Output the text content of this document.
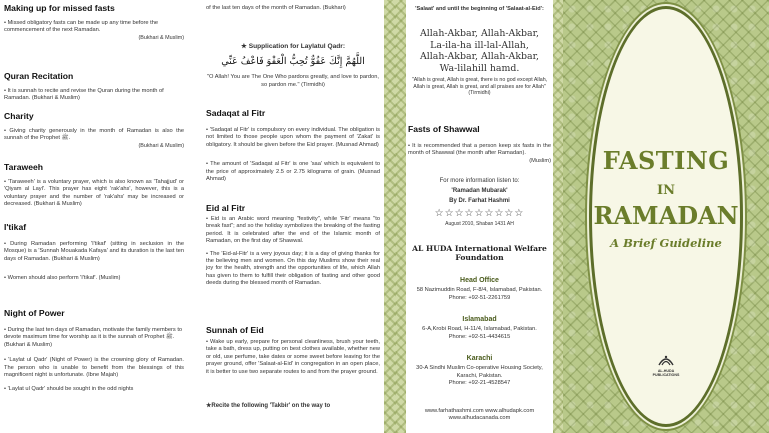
Making up for missed fasts

• Missed obligatory fasts can be made up any time before the commencement of the next Ramadan.

(Bukhari & Muslim)

Quran Recitation

• It is sunnah to recite and revise the Quran during the month of Ramadan. (Bukhari & Muslim)

Charity

• Giving charity generously in the month of Ramadan is also the sunnah of the Prophet ﷺ.

(Bukhari & Muslim)

Taraweeh

• 'Taraweeh' is a voluntary prayer, which is also known as 'Tahajjud' or 'Qiyam al Layl'. This prayer has eight 'rak'ahs', however, this is a voluntary prayer and the number of 'rak'ahs' may be increased or decreased. (Bukhari & Muslim)

I'tikaf

• During Ramadan performing 'I'tikaf' (sitting in seclusion in the Mosque) is a 'Sunnah Mouakada Kafaya' and its duration is the last ten days of Ramadan. (Bukhari & Muslim)

• Women should also perform 'I'tikaf'. (Muslim)

Night of Power

• During the last ten days of Ramadan, motivate the family members to devote maximum time for worship as it is the sunnah of Prophet ﷺ. (Bukhari & Muslim)

• 'Laylat ul Qadr' (Night of Power) is the crowning glory of Ramadan. The person who is unable to benefit from the blessings of this magnificent night is unfortunate. (Ibne Majah)

• 'Laylat ul Qadr' should be sought in the odd nights

of the last ten days of the month of Ramadan. (Bukhari)

★ Supplication for Laylatul Qadr:

اللَّهُمَّ إِنَّكَ عَفُوٌّ تُحِبُّ الْعَفْوَ فَاعْفُ عَنِّي

"O Allah! You are The One Who pardons greatly, and love to pardon, so pardon me." (Tirmidhi)

Sadaqat al Fitr

• 'Sadaqat al Fitr' is compulsory on every individual. The obligation is not limited to those people upon whom the payment of 'Zakat' is obligatory. It should be given before the Eid prayer. (Musnad Ahmad)

• The amount of 'Sadaqat al Fitr' is one 'saa' which is equivalent to the price of approximately 2.5 or 2.75 kilograms of grain. (Musnad Ahmad)

Eid al Fitr

• Eid is an Arabic word meaning "festivity", while 'Fitr' means "to break fast"; and so the holiday symbolizes the breaking of the fasting period. It is celebrated after the end of the Islamic month of Ramadan, on the first day of Shawwal.

• The 'Eid-al-Fitr' is a very joyous day; it is a day of giving thanks for the believing men and women. On this day Muslims show their real joy for the health, strength and the opportunities of life, which Allah has given to them to fulfill their obligation of fasting and other good deeds during the blessed month of Ramadan.

Sunnah of Eid

• Wake up early, prepare for personal cleanliness, brush your teeth, take a bath, dress up, putting on best clothes available, whether new or old, use perfume, take dates or some sweet before leaving for the prayer ground, offer 'Salaat-al-Eid' in congregation in an open place, it is better to use two separate routes to and from the prayer ground.

★Recite the following 'Takbir' on the way to

'Salaat' and until the beginning of 'Salaat-al-Eid':

Allah-Akbar, Allah-Akbar,
La-ila-ha ill-lal-Allah,
Allah-Akbar, Allah-Akbar,
Wa-lilahill hamd.

"Allah is great, Allah is great, there is no god except Allah, Allah is great, Allah is great, and all praises are for Allah"

(Tirmidhi)

Fasts of Shawwal

• It is recommended that a person keep six fasts in the month of Shawwal (the month after Ramadan).

(Muslim)

For more information listen to:

'Ramadan Mubarak'

By Dr. Farhat Hashmi

☆☆☆☆☆☆☆☆☆

August 2010, Shaban 1431 AH

AL HUDA International Welfare
Foundation

Head Office

58 Nazimuddin Road, F-8/4, Islamabad, Pakistan.

Phone: +92-51-2261759

Islamabad

6-A,Krobi Road, H-11/4, Islamabad, Pakistan.

Phone: +92-51-4434615

Karachi

30-A Sindhi Muslim Co-operative Housing Society,

Karachi, Pakistan.

Phone: +92-21-4528547

www.farhathashmi.com www.alhudapk.com

www.alhudacanada.com

FASTING
IN
RAMADAN
A Brief Guideline
AL-HUDA PUBLICATIONS
